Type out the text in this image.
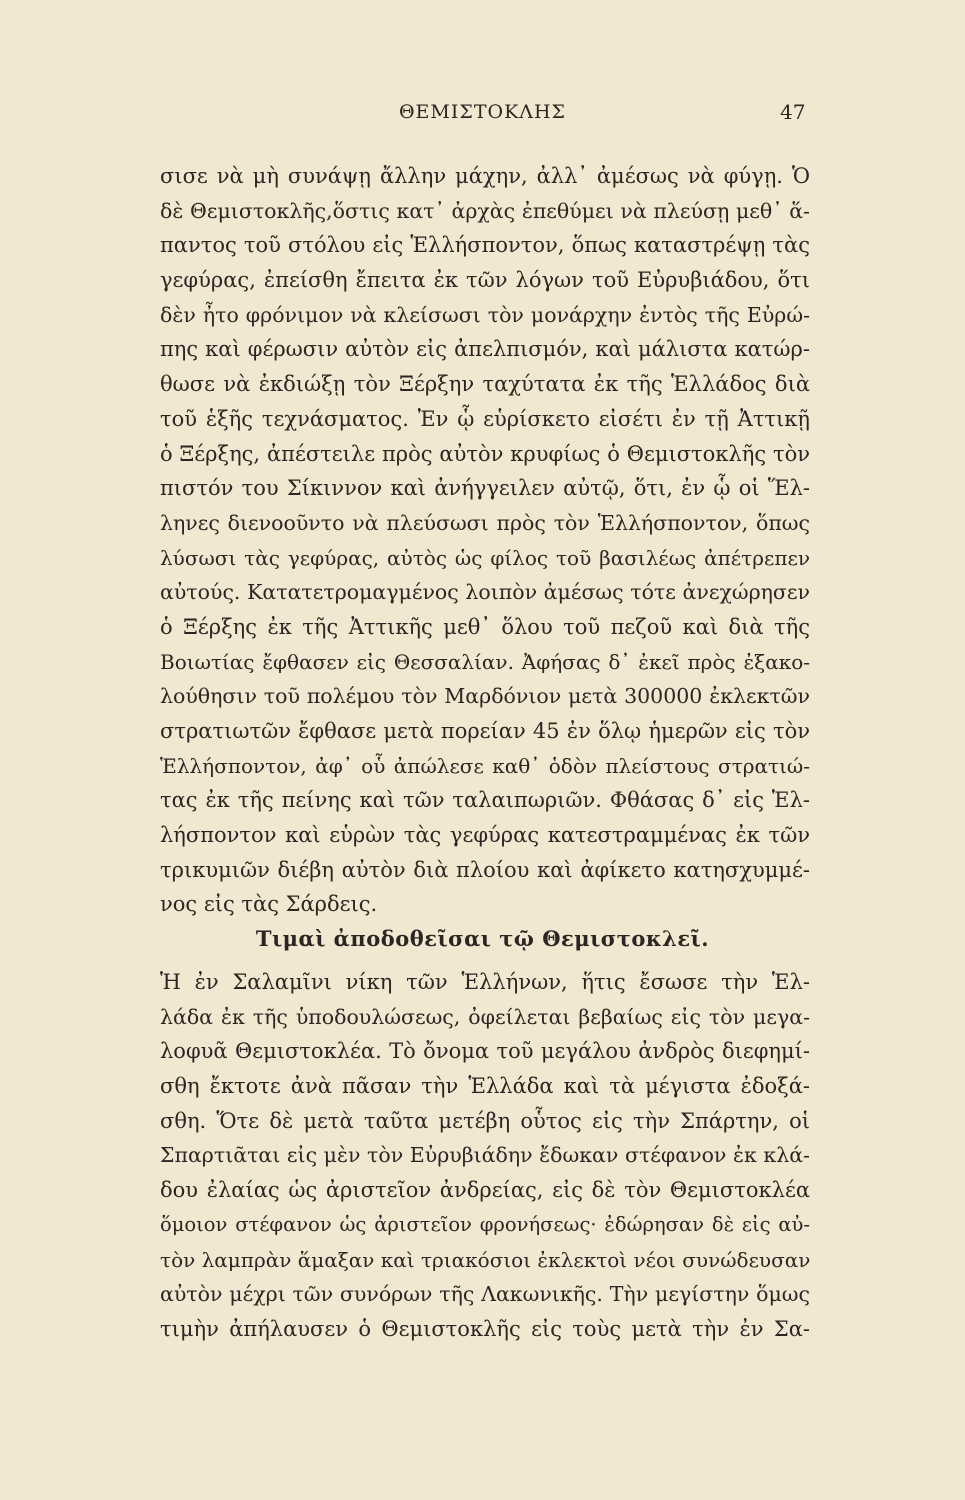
ΘΕΜΙΣΤΟΚΛΗΣ	47
σισε νὰ μὴ συνάψῃ ἄλλην μάχην, ἀλλ᾽ ἀμέσως νὰ φύγῃ. Ὁ
δὲ Θεμιστοκλῆς,ὅστις κατ᾽ ἀρχὰς ἐπεθύμει νὰ πλεύσῃ μεθ᾽ ἅ-
παντος τοῦ στόλου εἰς Ἑλλήσποντον, ὅπως καταστρέψῃ τὰς
γεφύρας, ἐπείσθη ἔπειτα ἐκ τῶν λόγων τοῦ Εὐρυβιάδου, ὅτι
δὲν ἦτο φρόνιμον νὰ κλείσωσι τὸν μονάρχην ἐντὸς τῆς Εὐρώ-
πης καὶ φέρωσιν αὐτὸν εἰς ἀπελπισμόν, καὶ μάλιστα κατώρ-
θωσε νὰ ἐκδιώξῃ τὸν Ξέρξην ταχύτατα ἐκ τῆς Ἑλλάδος διὰ
τοῦ ἑξῆς τεχνάσματος. Ἐν ᾧ εὑρίσκετο εἰσέτι ἐν τῇ Ἀττικῇ
ὁ Ξέρξης, ἀπέστειλε πρὸς αὐτὸν κρυφίως ὁ Θεμιστοκλῆς τὸν
πιστόν του Σίκιννον καὶ ἀνήγγειλεν αὐτῷ, ὅτι, ἐν ᾧ οἱ Ἕλ-
ληνες διενοοῦντο νὰ πλεύσωσι πρὸς τὸν Ἑλλήσποντον, ὅπως
λύσωσι τὰς γεφύρας, αὐτὸς ὡς φίλος τοῦ βασιλέως ἀπέτρεπεν
αὐτούς. Κατατετρομαγμένος λοιπὸν ἀμέσως τότε ἀνεχώρησεν
ὁ Ξέρξης ἐκ τῆς Ἀττικῆς μεθ᾽ ὅλου τοῦ πεζοῦ καὶ διὰ τῆς
Βοιωτίας ἔφθασεν εἰς Θεσσαλίαν. Ἀφήσας δ᾽ ἐκεῖ πρὸς ἐξακο-
λούθησιν τοῦ πολέμου τὸν Μαρδόνιον μετὰ 300000 ἐκλεκτῶν
στρατιωτῶν ἔφθασε μετὰ πορείαν 45 ἐν ὅλῳ ἡμερῶν εἰς τὸν
Ἑλλήσποντον, ἀφ᾽ οὗ ἀπώλεσε καθ᾽ ὁδὸν πλείστους στρατιώ-
τας ἐκ τῆς πείνης καὶ τῶν ταλαιπωριῶν. Φθάσας δ᾽ εἰς Ἑλ-
λήσποντον καὶ εὑρὼν τὰς γεφύρας κατεστραμμένας ἐκ τῶν
τρικυμιῶν διέβη αὐτὸν διὰ πλοίου καὶ ἀφίκετο κατησχυμμέ-
νος εἰς τὰς Σάρδεις.
Τιμαὶ ἀποδοθεῖσαι τῷ Θεμιστοκλεῖ.
Ἡ ἐν Σαλαμῖνι νίκη τῶν Ἑλλήνων, ἥτις ἔσωσε τὴν Ἑλ-
λάδα ἐκ τῆς ὑποδουλώσεως, ὀφείλεται βεβαίως εἰς τὸν μεγα-
λοφυᾶ Θεμιστοκλέα. Τὸ ὄνομα τοῦ μεγάλου ἀνδρὸς διεφημί-
σθη ἔκτοτε ἀνὰ πᾶσαν τὴν Ἑλλάδα καὶ τὰ μέγιστα ἐδοξά-
σθη. Ὅτε δὲ μετὰ ταῦτα μετέβη οὗτος εἰς τὴν Σπάρτην, οἱ
Σπαρτιᾶται εἰς μὲν τὸν Εὐρυβιάδην ἔδωκαν στέφανον ἐκ κλά-
δου ἐλαίας ὡς ἀριστεῖον ἀνδρείας, εἰς δὲ τὸν Θεμιστοκλέα
ὅμοιον στέφανον ὡς ἀριστεῖον φρονήσεως· ἐδώρησαν δὲ εἰς αὐ-
τὸν λαμπρὰν ἅμαξαν καὶ τριακόσιοι ἐκλεκτοὶ νέοι συνώδευσαν
αὐτὸν μέχρι τῶν συνόρων τῆς Λακωνικῆς. Τὴν μεγίστην ὅμως
τιμὴν ἀπήλαυσεν ὁ Θεμιστοκλῆς εἰς τοὺς μετὰ τὴν ἐν Σα-
